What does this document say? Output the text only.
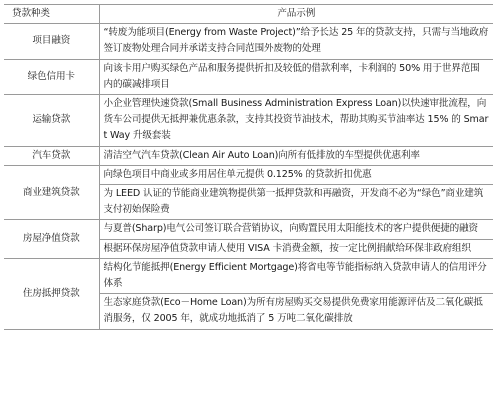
贷款种类	产品示例
项目融资	“转废为能项目(Energy from Waste Project)”给予长达 25 年的贷款支持，只需与当地政府签订废物处理合同并承诺支持合同范围外废物的处理
绿色信用卡	向该卡用户购买绿色产品和服务提供折扣及较低的借款利率，卡利润的 50% 用于世界范围内的碳减排项目
运输贷款	小企业管理快速贷款(Small Business Administration Express Loan)以快速审批流程，向货车公司提供无抵押兼优惠条款，支持其投资节油技术，帮助其购买节油率达 15% 的 Smart Way 升级套装
汽车贷款	清洁空气汽车贷款(Clean Air Auto Loan)向所有低排放的车型提供优惠利率
商业建筑贷款	向绿色项目中商业或多用居住单元提供 0.125% 的贷款折扣优惠
	为 LEED 认证的节能商业建筑物提供第一抵押贷款和再融资，开发商不必为“绿色”商业建筑支付初始保险费
房屋净值贷款	与夏普(Sharp)电气公司签订联合营销协议，向购置民用太阳能技术的客户提供便捷的融资
	根据环保房屋净值贷款申请人使用 VISA 卡消费金额，按一定比例捐献给环保非政府组织
住房抵押贷款	结构化节能抵押(Energy Efficient Mortgage)将省电等节能指标纳入贷款申请人的信用评分体系
	生态家庭贷款(Eco－Home Loan)为所有房屋购买交易提供免费家用能源评估及二氧化碳抵消服务，仅 2005 年，就成功地抵消了 5 万吨二氧化碳排放
